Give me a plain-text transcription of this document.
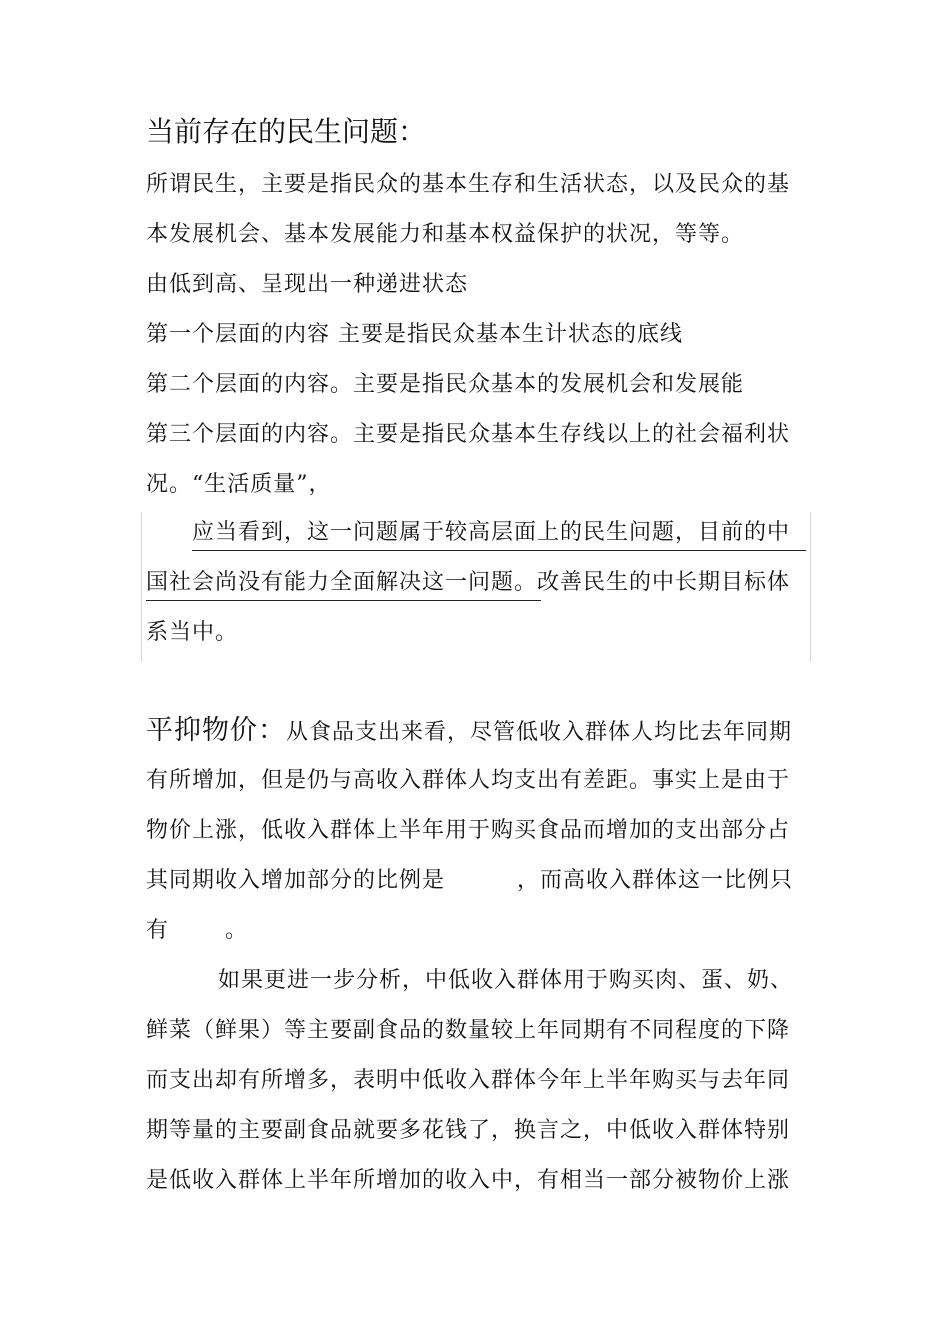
当前存在的民生问题：
所谓民生，主要是指民众的基本生存和生活状态，以及民众的基
本发展机会、基本发展能力和基本权益保护的状况，等等。
由低到高、呈现出一种递进状态
第一个层面的内容 主要是指民众基本生计状态的底线
第二个层面的内容。主要是指民众基本的发展机会和发展能
第三个层面的内容。主要是指民众基本生存线以上的社会福利状
况。“生活质量”，
应当看到，这一问题属于较高层面上的民生问题，目前的中
国社会尚没有能力全面解决这一问题。改善民生的中长期目标体
系当中。
平抑物价：从食品支出来看，尽管低收入群体人均比去年同期
有所增加，但是仍与高收入群体人均支出有差距。事实上是由于
物价上涨，低收入群体上半年用于购买食品而增加的支出部分占
其同期收入增加部分的比例是	，而高收入群体这一比例只
有	。
如果更进一步分析，中低收入群体用于购买肉、蛋、奶、
鲜菜（鲜果）等主要副食品的数量较上年同期有不同程度的下降
而支出却有所增多，表明中低收入群体今年上半年购买与去年同
期等量的主要副食品就要多花钱了，换言之，中低收入群体特别
是低收入群体上半年所增加的收入中，有相当一部分被物价上涨
